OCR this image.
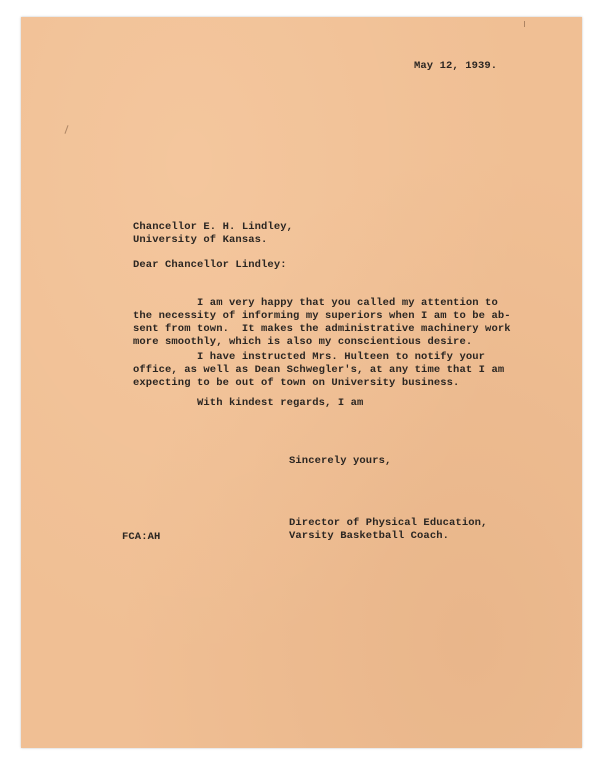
May 12, 1939.
Chancellor E. H. Lindley,
University of Kansas.
Dear Chancellor Lindley:
I am very happy that you called my attention to
the necessity of informing my superiors when I am to be ab-
sent from town.  It makes the administrative machinery work
more smoothly, which is also my conscientious desire.
I have instructed Mrs. Hulteen to notify your
office, as well as Dean Schwegler's, at any time that I am
expecting to be out of town on University business.
With kindest regards, I am
Sincerely yours,
Director of Physical Education,
Varsity Basketball Coach.
FCA:AH
